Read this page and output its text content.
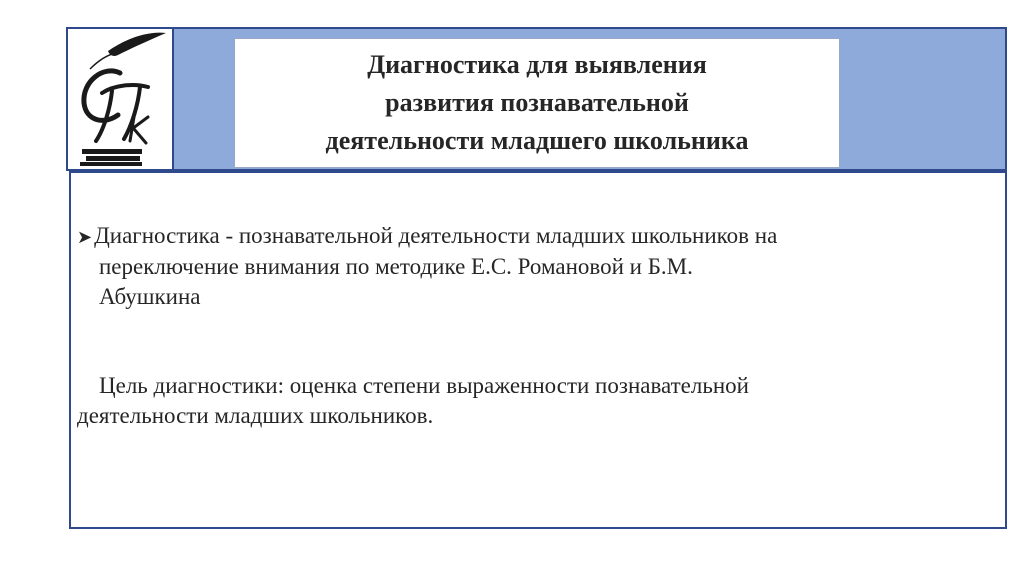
Диагностика для выявления
развития познавательной
деятельности младшего школьника

➤Диагностика - познавательной деятельности младших школьников на
переключение внимания по методике Е.С. Романовой и Б.М.
Абушкина
Цель диагностики: оценка степени выраженности познавательной
деятельности младших школьников.
